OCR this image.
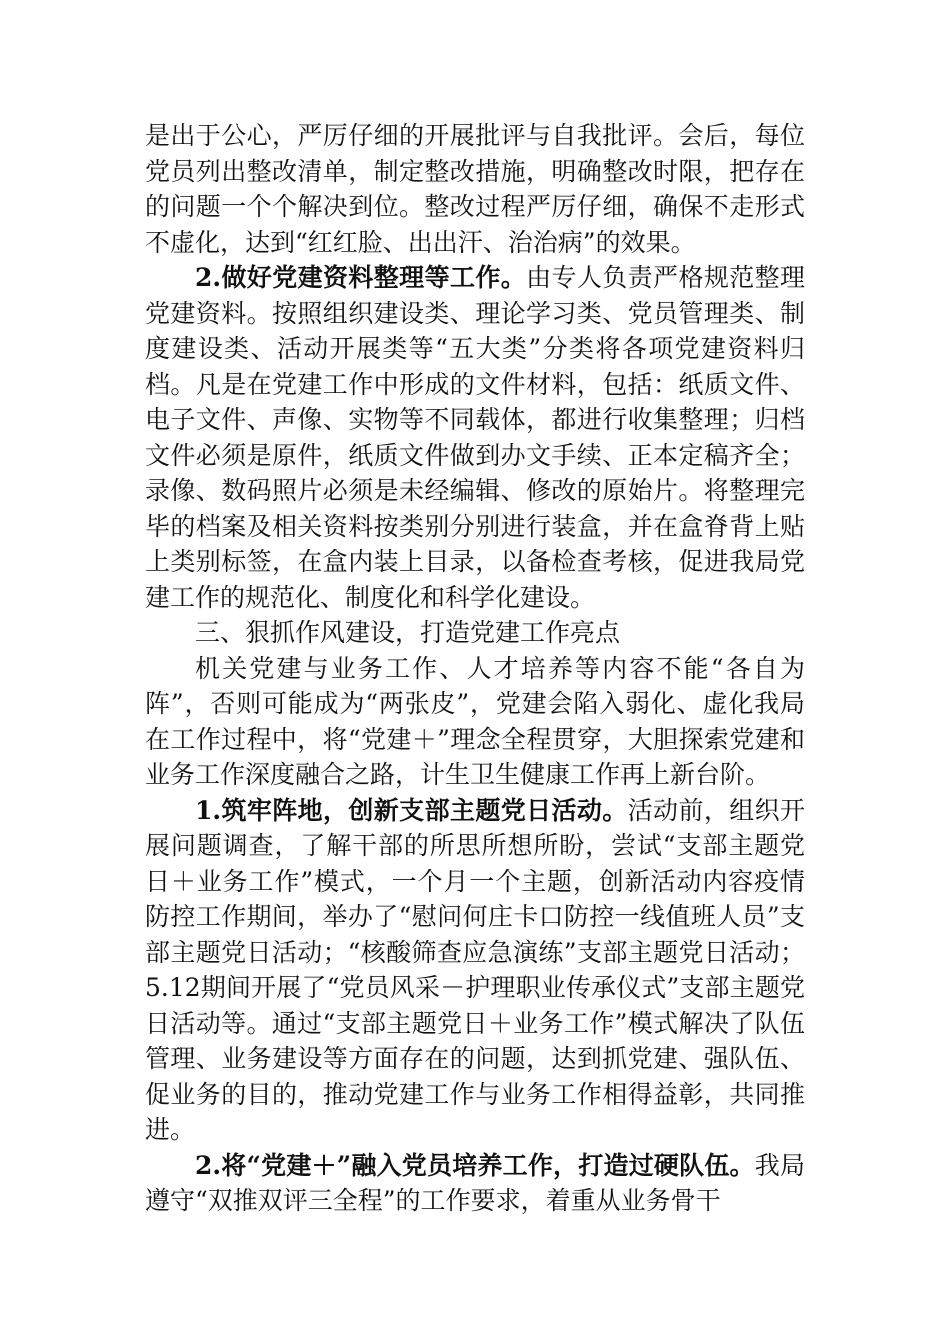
是出于公心，严厉仔细的开展批评与自我批评。会后，每位党员列出整改清单，制定整改措施，明确整改时限，把存在的问题一个个解决到位。整改过程严厉仔细，确保不走形式不虚化，达到“红红脸、出出汗、治治病”的效果。

2.做好党建资料整理等工作。由专人负责严格规范整理党建资料。按照组织建设类、理论学习类、党员管理类、制度建设类、活动开展类等“五大类”分类将各项党建资料归档。凡是在党建工作中形成的文件材料，包括：纸质文件、电子文件、声像、实物等不同载体，都进行收集整理；归档文件必须是原件，纸质文件做到办文手续、正本定稿齐全；录像、数码照片必须是未经编辑、修改的原始片。将整理完毕的档案及相关资料按类别分别进行装盒，并在盒脊背上贴上类别标签，在盒内装上目录，以备检查考核，促进我局党建工作的规范化、制度化和科学化建设。

三、狠抓作风建设，打造党建工作亮点

机关党建与业务工作、人才培养等内容不能“各自为阵”，否则可能成为“两张皮”，党建会陷入弱化、虚化我局在工作过程中，将“党建＋”理念全程贯穿，大胆探索党建和业务工作深度融合之路，计生卫生健康工作再上新台阶。

1.筑牢阵地，创新支部主题党日活动。活动前，组织开展问题调查，了解干部的所思所想所盼，尝试“支部主题党日＋业务工作”模式，一个月一个主题，创新活动内容疫情防控工作期间，举办了“慰问何庄卡口防控一线值班人员”支部主题党日活动；“核酸筛查应急演练”支部主题党日活动；5.12期间开展了“党员风采－护理职业传承仪式”支部主题党日活动等。通过“支部主题党日＋业务工作”模式解决了队伍管理、业务建设等方面存在的问题，达到抓党建、强队伍、促业务的目的，推动党建工作与业务工作相得益彰，共同推进。

2.将“党建＋”融入党员培养工作，打造过硬队伍。我局遵守“双推双评三全程”的工作要求，着重从业务骨干
